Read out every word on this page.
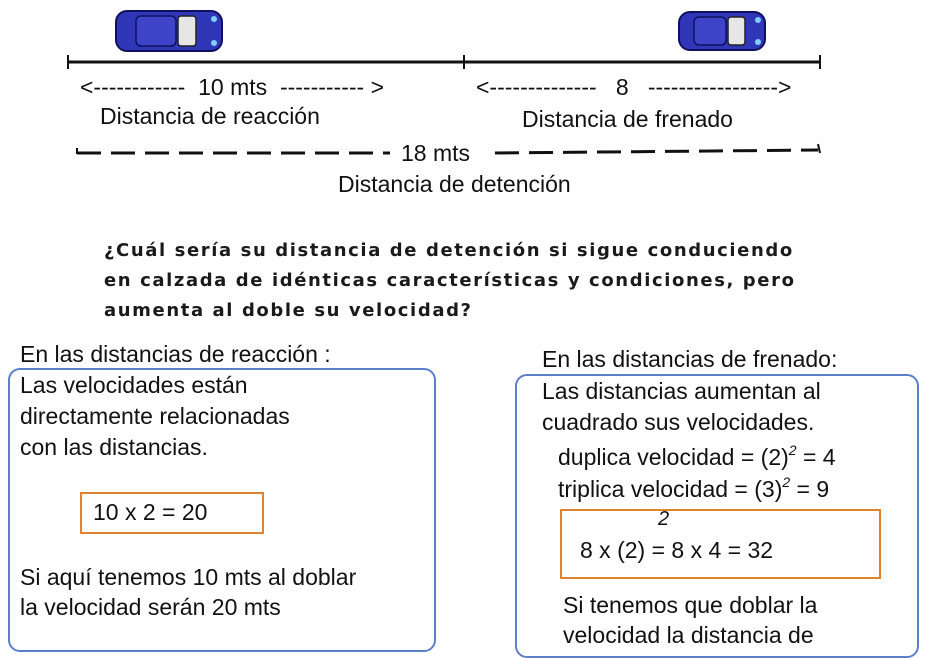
<------------ 10 mts ----------- >
Distancia de reacción
<-------------- 8 ----------------->
Distancia de frenado
18 mts
Distancia de detención
¿Cuál sería su distancia de detención si sigue conduciendo
en calzada de idénticas características y condiciones, pero
aumenta al doble su velocidad?
En las distancias de reacción :
Las velocidades están
directamente relacionadas
con las distancias.
10 x 2 = 20
Si aquí tenemos 10 mts al doblar
la velocidad serán 20 mts
En las distancias de frenado:
Las distancias aumentan al
cuadrado sus velocidades.
duplica velocidad = $(2)^2 = 4$
triplica velocidad = $(3)^2 = 9$
2
8 x (2) = 8 x 4 = 32
Si tenemos que doblar la
velocidad la distancia de
